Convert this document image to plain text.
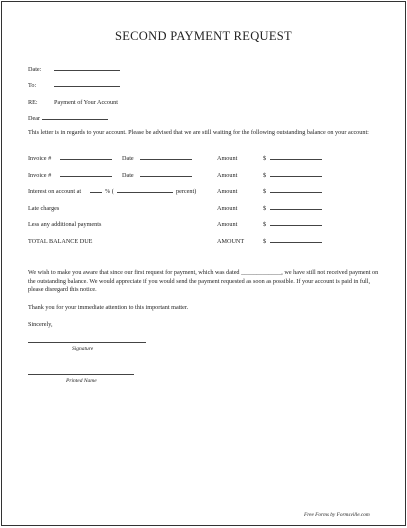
SECOND PAYMENT REQUEST
Date:
To:
RE:	Payment of Your Account
Dear
This letter is in regards to your account. Please be advised that we are still waiting for the following outstanding balance on your account:
Invoice #	Date	Amount	$
Invoice #	Date	Amount	$
Interest on account at	% (	percent)	Amount	$
Late charges	Amount	$
Less any additional payments	Amount	$
TOTAL BALANCE DUE	AMOUNT	$
We wish to make you aware that since our first request for payment, which was dated _____________, we have still not received payment on the outstanding balance. We would appreciate if you would send the payment requested as soon as possible. If your account is paid in full, please disregard this notice.
Thank you for your immediate attention to this important matter.
Sincerely,
Signature
Printed Name
Free Forms by Formsville.com
